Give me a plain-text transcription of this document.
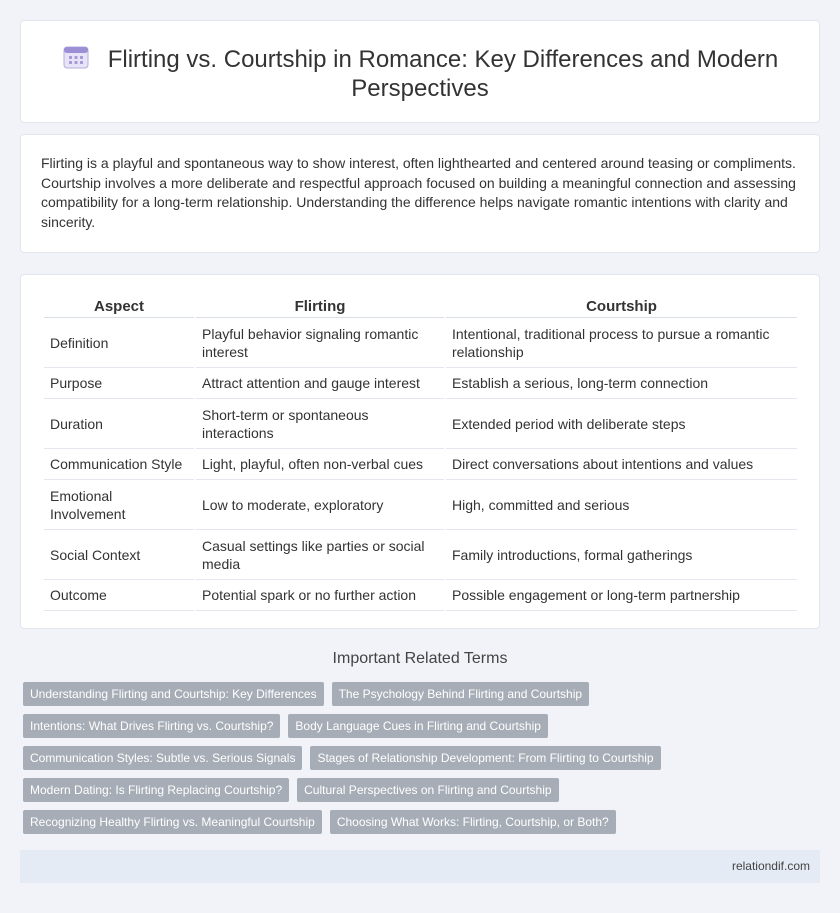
Flirting vs. Courtship in Romance: Key Differences and Modern Perspectives

Flirting is a playful and spontaneous way to show interest, often lighthearted and centered around teasing or compliments. Courtship involves a more deliberate and respectful approach focused on building a meaningful connection and assessing compatibility for a long-term relationship. Understanding the difference helps navigate romantic intentions with clarity and sincerity.

Aspect	Flirting	Courtship
Definition	Playful behavior signaling romantic interest	Intentional, traditional process to pursue a romantic relationship
Purpose	Attract attention and gauge interest	Establish a serious, long-term connection
Duration	Short-term or spontaneous interactions	Extended period with deliberate steps
Communication Style	Light, playful, often non-verbal cues	Direct conversations about intentions and values
Emotional Involvement	Low to moderate, exploratory	High, committed and serious
Social Context	Casual settings like parties or social media	Family introductions, formal gatherings
Outcome	Potential spark or no further action	Possible engagement or long-term partnership
Important Related Terms
Understanding Flirting and Courtship: Key Differences	The Psychology Behind Flirting and Courtship
Intentions: What Drives Flirting vs. Courtship?	Body Language Cues in Flirting and Courtship
Communication Styles: Subtle vs. Serious Signals	Stages of Relationship Development: From Flirting to Courtship
Modern Dating: Is Flirting Replacing Courtship?	Cultural Perspectives on Flirting and Courtship
Recognizing Healthy Flirting vs. Meaningful Courtship	Choosing What Works: Flirting, Courtship, or Both?
relationdif.com
